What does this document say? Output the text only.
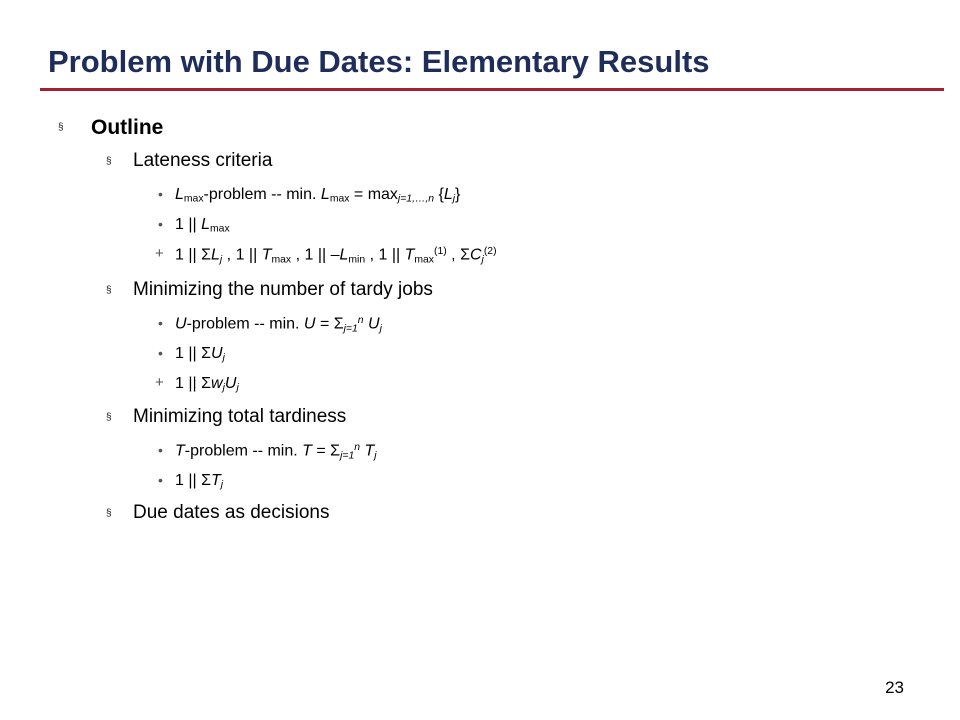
Problem with Due Dates: Elementary Results
§ Outline
§ Lateness criteria
• $L_{max}$-problem -- min. $L_{max} = \max_{j=1,\dots,n} \{L_j\}$
• 1 || $L_{max}$
+ 1 || $\Sigma L_j$ , 1 || $T_{max}$ , 1 || $-L_{min}$ , 1 || $T_{max}^{(1)}$ , $\Sigma C_j^{(2)}$
§ Minimizing the number of tardy jobs
• U-problem -- min. $U = \Sigma_{j=1}^n$ $U_j$
• 1 || $\Sigma U_j$
+ 1 || $\Sigma w_jU_j$
§ Minimizing total tardiness
• T-problem -- min. $T = \Sigma_{j=1}^n$ $T_j$
• 1 || $\Sigma T_j$
§ Due dates as decisions
23
